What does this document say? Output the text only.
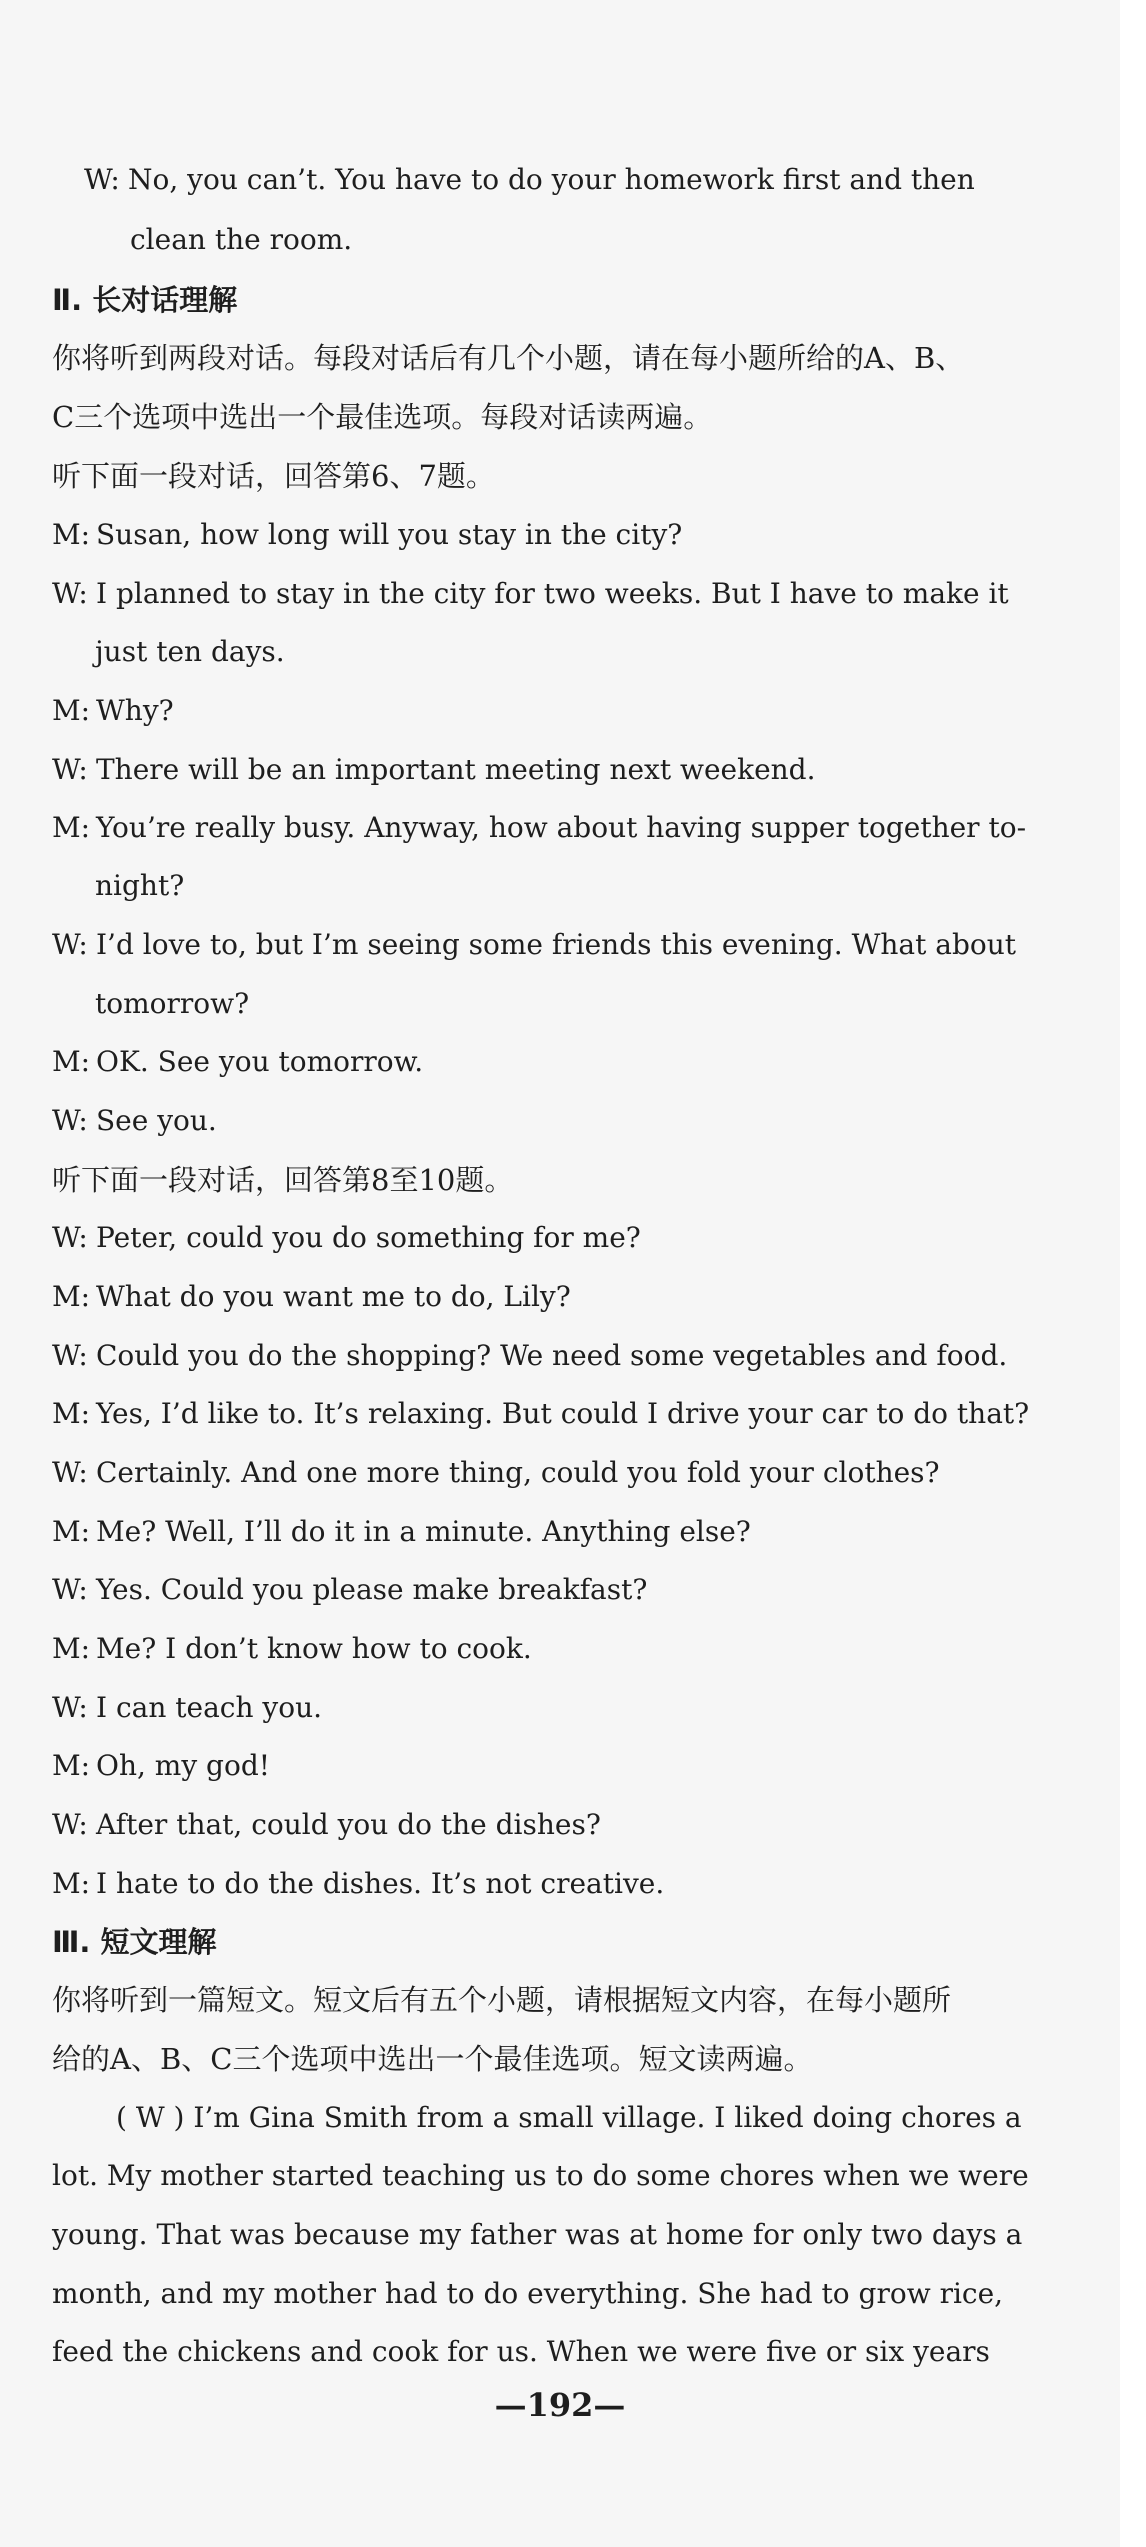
W: No, you can’t. You have to do your homework first and then
clean the room.
Ⅱ. 长对话理解
你将听到两段对话。每段对话后有几个小题，请在每小题所给的A、B、
C三个选项中选出一个最佳选项。每段对话读两遍。
听下面一段对话，回答第6、7题。
M: Susan, how long will you stay in the city?
W: I planned to stay in the city for two weeks. But I have to make it
just ten days.
M: Why?
W: There will be an important meeting next weekend.
M: You’re really busy. Anyway, how about having supper together to-
night?
W: I’d love to, but I’m seeing some friends this evening. What about
tomorrow?
M: OK. See you tomorrow.
W: See you.
听下面一段对话，回答第8至10题。
W: Peter, could you do something for me?
M: What do you want me to do, Lily?
W: Could you do the shopping? We need some vegetables and food.
M: Yes, I’d like to. It’s relaxing. But could I drive your car to do that?
W: Certainly. And one more thing, could you fold your clothes?
M: Me? Well, I’ll do it in a minute. Anything else?
W: Yes. Could you please make breakfast?
M: Me? I don’t know how to cook.
W: I can teach you.
M: Oh, my god!
W: After that, could you do the dishes?
M: I hate to do the dishes. It’s not creative.
Ⅲ. 短文理解
你将听到一篇短文。短文后有五个小题，请根据短文内容，在每小题所
给的A、B、C三个选项中选出一个最佳选项。短文读两遍。
( W ) I’m Gina Smith from a small village. I liked doing chores a
lot. My mother started teaching us to do some chores when we were
young. That was because my father was at home for only two days a
month, and my mother had to do everything. She had to grow rice,
feed the chickens and cook for us. When we were five or six years
—192—
